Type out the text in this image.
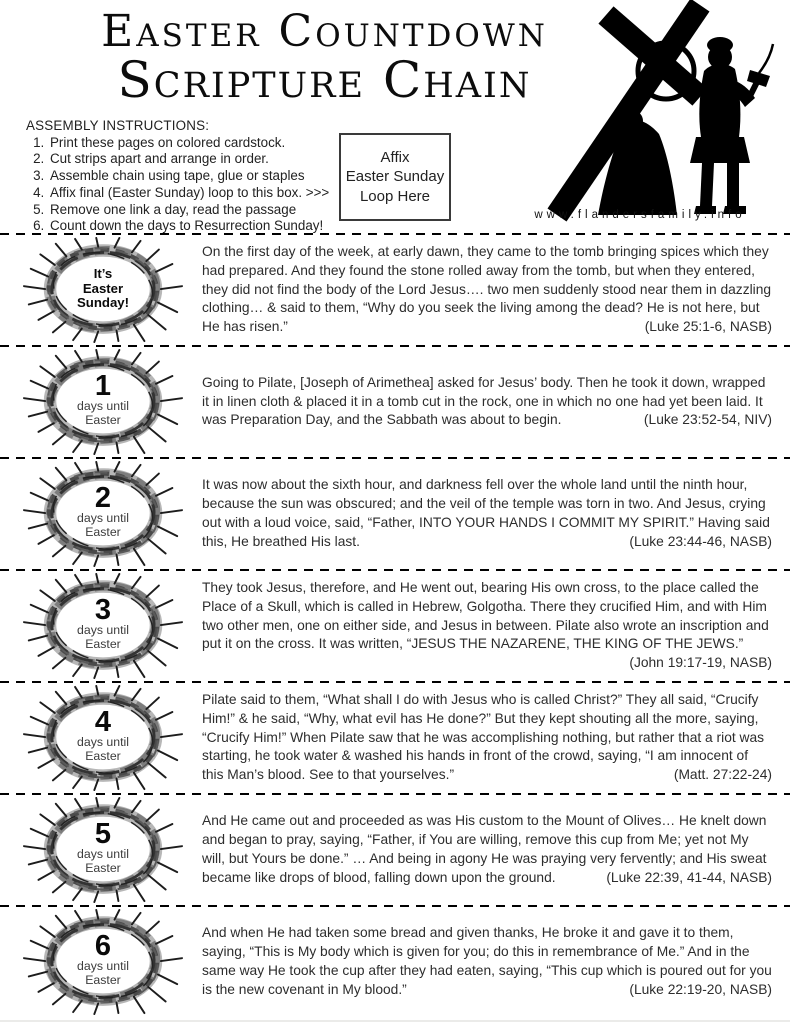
Easter Countdown
Scripture Chain
ASSEMBLY INSTRUCTIONS:
1. Print these pages on colored cardstock.
2. Cut strips apart and arrange in order.
3. Assemble chain using tape, glue or staples
4. Affix final (Easter Sunday) loop to this box. >>>
5. Remove one link a day, read the passage
6. Count down the days to Resurrection Sunday!
Affix
Easter Sunday
Loop Here
www.flandersfamily.info
It’s
Easter
Sunday!

On the first day of the week, at early dawn, they came to the tomb bringing spices which they had prepared. And they found the stone rolled away from the tomb, but when they entered, they did not find the body of the Lord Jesus…. two men suddenly stood near them in dazzling clothing… & said to them, “Why do you seek the living among the dead? He is not here, but He has risen.”	(Luke 25:1-6, NASB)

1
days until
Easter

Going to Pilate, [Joseph of Arimethea] asked for Jesus’ body. Then he took it down, wrapped it in linen cloth & placed it in a tomb cut in the rock, one in which no one had yet been laid. It was Preparation Day, and the Sabbath was about to begin.	(Luke 23:52-54, NIV)

2
days until
Easter

It was now about the sixth hour, and darkness fell over the whole land until the ninth hour, because the sun was obscured; and the veil of the temple was torn in two. And Jesus, crying out with a loud voice, said, “Father, INTO YOUR HANDS I COMMIT MY SPIRIT.” Having said this, He breathed His last.	(Luke 23:44-46, NASB)

3
days until
Easter

They took Jesus, therefore, and He went out, bearing His own cross, to the place called the Place of a Skull, which is called in Hebrew, Golgotha. There they crucified Him, and with Him two other men, one on either side, and Jesus in between. Pilate also wrote an inscription and put it on the cross. It was written, “JESUS THE NAZARENE, THE KING OF THE JEWS.”
(John 19:17-19, NASB)

4
days until
Easter

Pilate said to them, “What shall I do with Jesus who is called Christ?” They all said, “Crucify Him!” & he said, “Why, what evil has He done?” But they kept shouting all the more, saying, “Crucify Him!” When Pilate saw that he was accomplishing nothing, but rather that a riot was starting, he took water & washed his hands in front of the crowd, saying, “I am innocent of this Man’s blood. See to that yourselves.”	(Matt. 27:22-24)

5
days until
Easter

And He came out and proceeded as was His custom to the Mount of Olives… He knelt down and began to pray, saying, “Father, if You are willing, remove this cup from Me; yet not My will, but Yours be done.” … And being in agony He was praying very fervently; and His sweat became like drops of blood, falling down upon the ground.	(Luke 22:39, 41-44, NASB)

6
days until
Easter

And when He had taken some bread and given thanks, He broke it and gave it to them, saying, “This is My body which is given for you; do this in remembrance of Me.” And in the same way He took the cup after they had eaten, saying, “This cup which is poured out for you is the new covenant in My blood.”	(Luke 22:19-20, NASB)
